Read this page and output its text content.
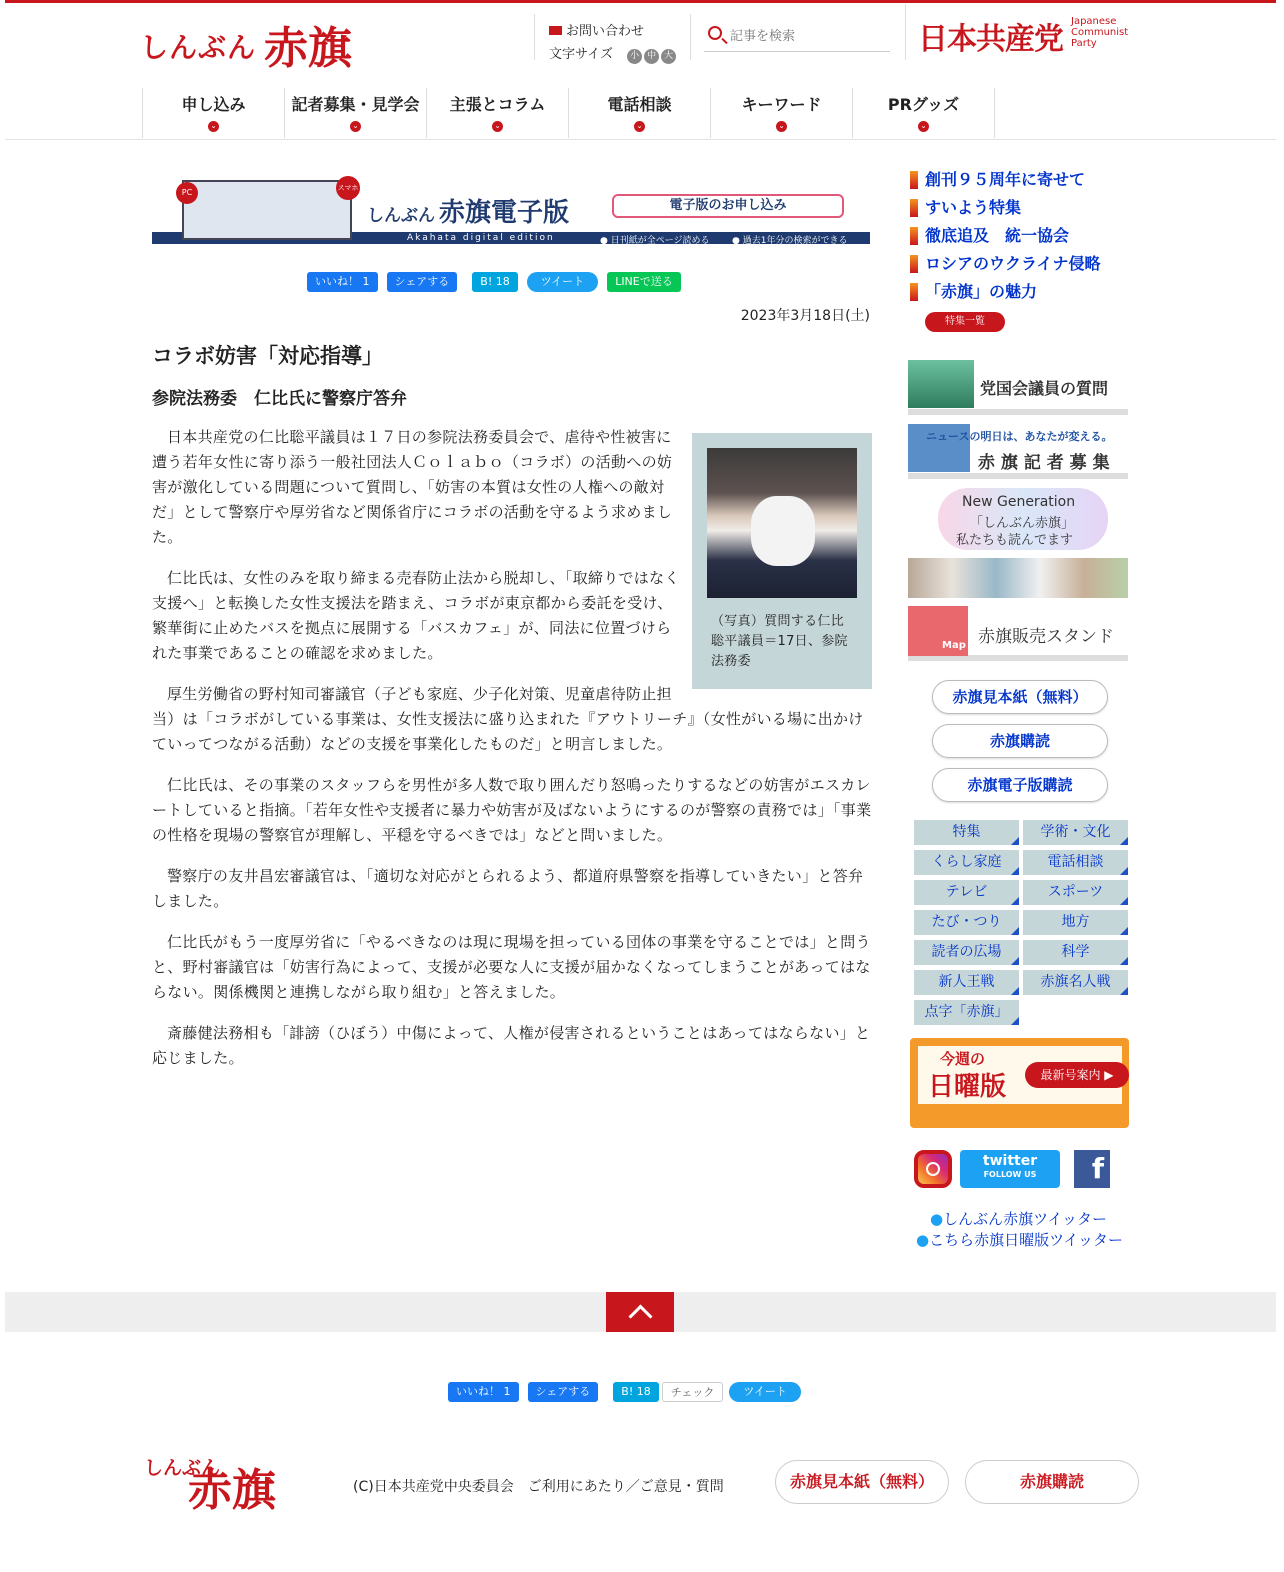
しんぶん 赤旗	お問い合わせ
文字サイズ 小 中 大
記事を検索	日本共産党Japanese
Communist
Party
申し込み
⌄
記者募集・見学会
⌄
主張とコラム
⌄
電話相談
⌄
キーワード
⌄
PRグッズ
⌄
PC	スマホ
しんぶん 赤旗電子版
Akahata digital edition
電子版のお申し込み
● 日刊紙が全ページ読める ● 過去1年分の検索ができる
いいね！ 1	シェアする	B! 18	ツイート	LINEで送る
2023年3月18日(土)
コラボ妨害「対応指導」
参院法務委　仁比氏に警察庁答弁
（写真）質問する仁比聡平議員＝17日、参院法務委

日本共産党の仁比聡平議員は１７日の参院法務委員会で、虐待や性被害に遭う若年女性に寄り添う一般社団法人Ｃｏｌａｂｏ（コラボ）の活動への妨害が激化している問題について質問し、「妨害の本質は女性の人権への敵対だ」として警察庁や厚労省など関係省庁にコラボの活動を守るよう求めました。

仁比氏は、女性のみを取り締まる売春防止法から脱却し、「取締りではなく支援へ」と転換した女性支援法を踏まえ、コラボが東京都から委託を受け、繁華街に止めたバスを拠点に展開する「バスカフェ」が、同法に位置づけられた事業であることの確認を求めました。

厚生労働省の野村知司審議官（子ども家庭、少子化対策、児童虐待防止担当）は「コラボがしている事業は、女性支援法に盛り込まれた『アウトリーチ』（女性がいる場に出かけていってつながる活動）などの支援を事業化したものだ」と明言しました。

仁比氏は、その事業のスタッフらを男性が多人数で取り囲んだり怒鳴ったりするなどの妨害がエスカレートしていると指摘。「若年女性や支援者に暴力や妨害が及ばないようにするのが警察の責務では」「事業の性格を現場の警察官が理解し、平穏を守るべきでは」などと問いました。

警察庁の友井昌宏審議官は、「適切な対応がとられるよう、都道府県警察を指導していきたい」と答弁しました。

仁比氏がもう一度厚労省に「やるべきなのは現に現場を担っている団体の事業を守ることでは」と問うと、野村審議官は「妨害行為によって、支援が必要な人に支援が届かなくなってしまうことがあってはならない。関係機関と連携しながら取り組む」と答えました。

斎藤健法務相も「誹謗（ひぼう）中傷によって、人権が侵害されるということはあってはならない」と応じました。

創刊９５周年に寄せて
すいよう特集
徹底追及　統一協会
ロシアのウクライナ侵略
「赤旗」の魅力
特集一覧
党国会議員の質問
ニュースの明日は、あなたが変える。
赤 旗 記 者 募 集
New Generation
「しんぶん赤旗」
私たちも読んでます
Map 赤旗販売スタンド
赤旗見本紙（無料）
赤旗購読
赤旗電子版購読
特集	学術・文化
くらし家庭	電話相談
テレビ	スポーツ
たび・つり	地方
読者の広場	科学
新人王戦	赤旗名人戦
点字「赤旗」
今週の
日曜版	最新号案内 ▶
twitter
FOLLOW US	f
● しんぶん赤旗ツイッター
● こちら赤旗日曜版ツイッター
いいね！ 1	シェアする	B! 18	チェック	ツイート
しんぶん赤旗	(C)日本共産党中央委員会 ご利用にあたり／ご意見・質問	赤旗見本紙（無料）	赤旗購読
